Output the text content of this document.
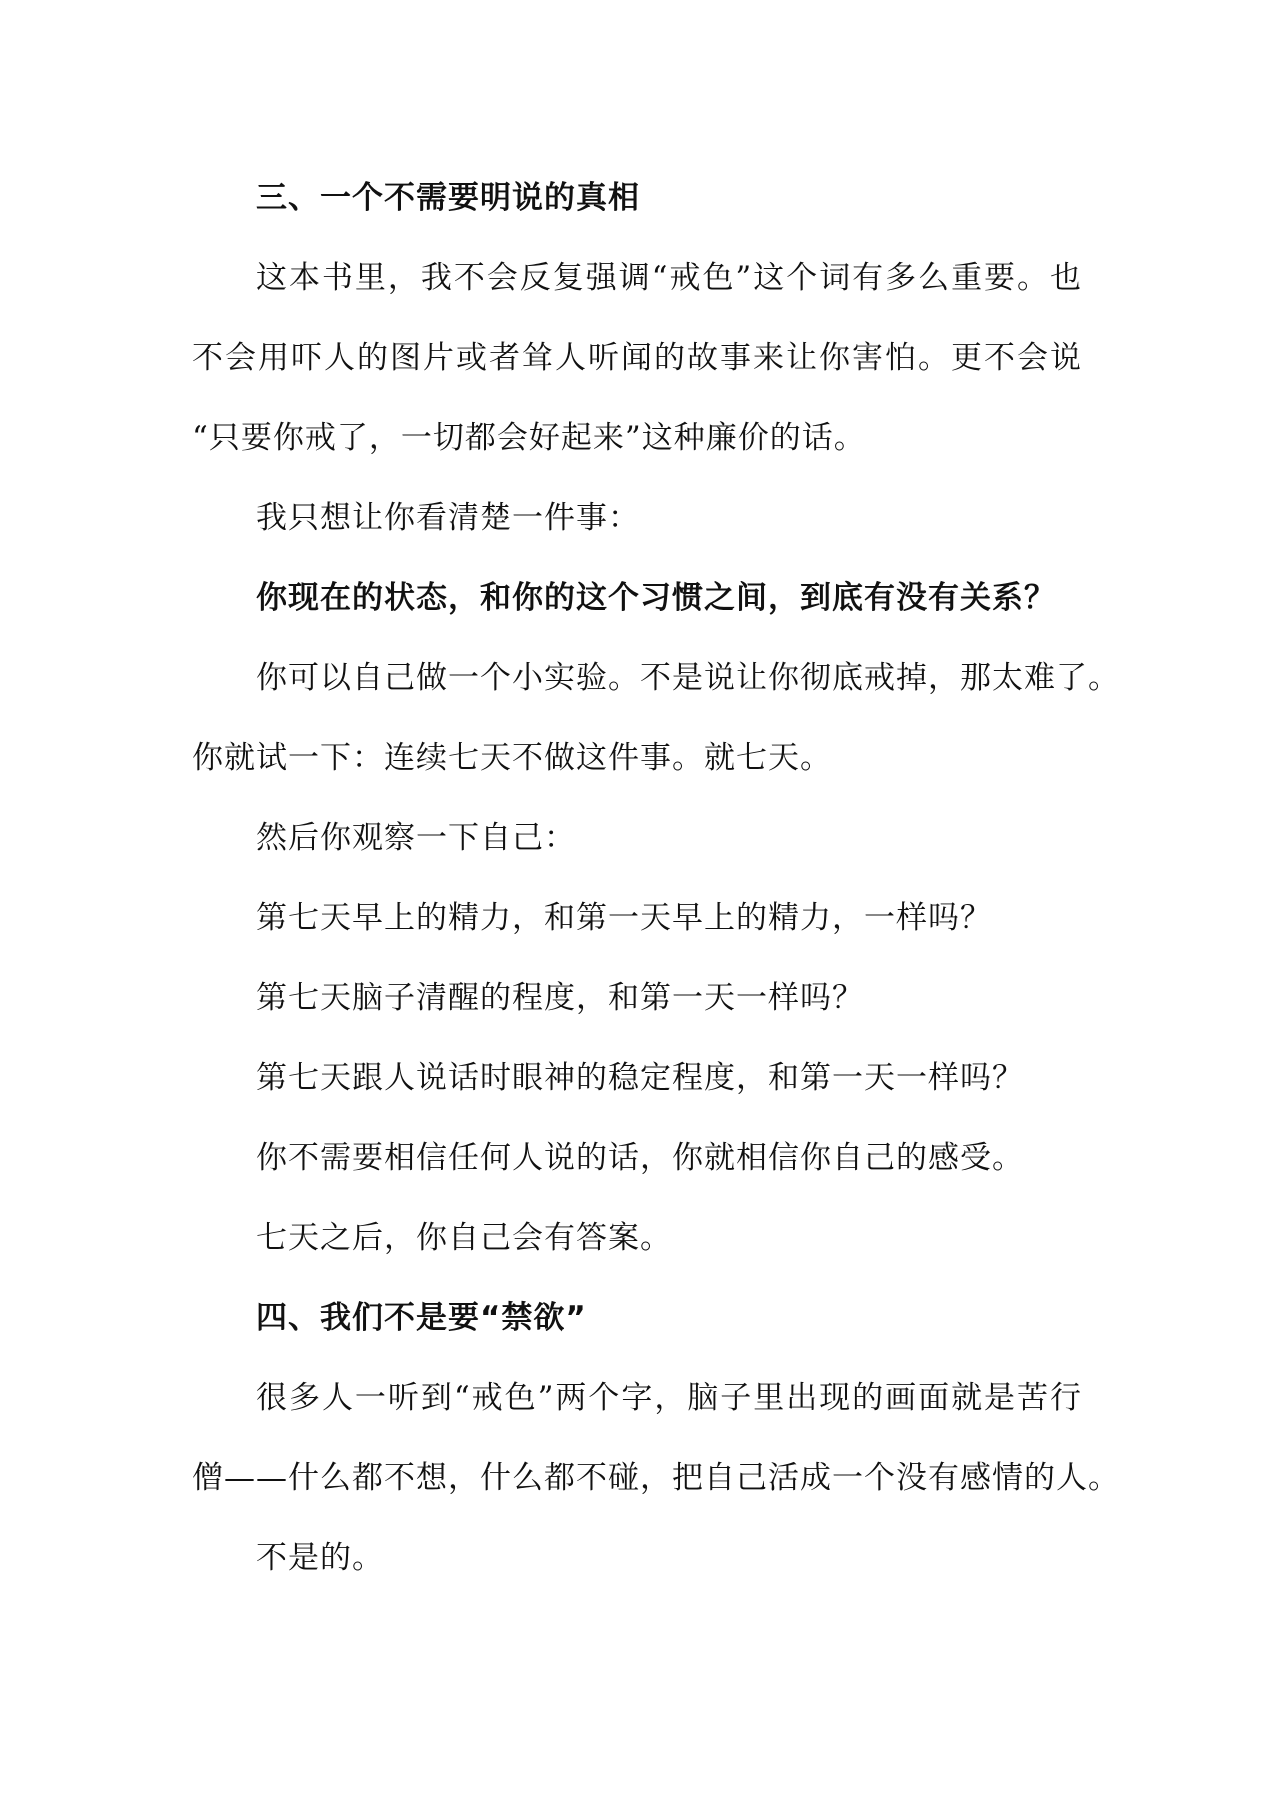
三、一个不需要明说的真相
这本书里，我不会反复强调“戒色”这个词有多么重要。也
不会用吓人的图片或者耸人听闻的故事来让你害怕。更不会说
“只要你戒了，一切都会好起来”这种廉价的话。
我只想让你看清楚一件事：
你现在的状态，和你的这个习惯之间，到底有没有关系？
你可以自己做一个小实验。不是说让你彻底戒掉，那太难了。
你就试一下：连续七天不做这件事。就七天。
然后你观察一下自己：
第七天早上的精力，和第一天早上的精力，一样吗？
第七天脑子清醒的程度，和第一天一样吗？
第七天跟人说话时眼神的稳定程度，和第一天一样吗？
你不需要相信任何人说的话，你就相信你自己的感受。
七天之后，你自己会有答案。
四、我们不是要“禁欲”
很多人一听到“戒色”两个字，脑子里出现的画面就是苦行
僧——什么都不想，什么都不碰，把自己活成一个没有感情的人。
不是的。
